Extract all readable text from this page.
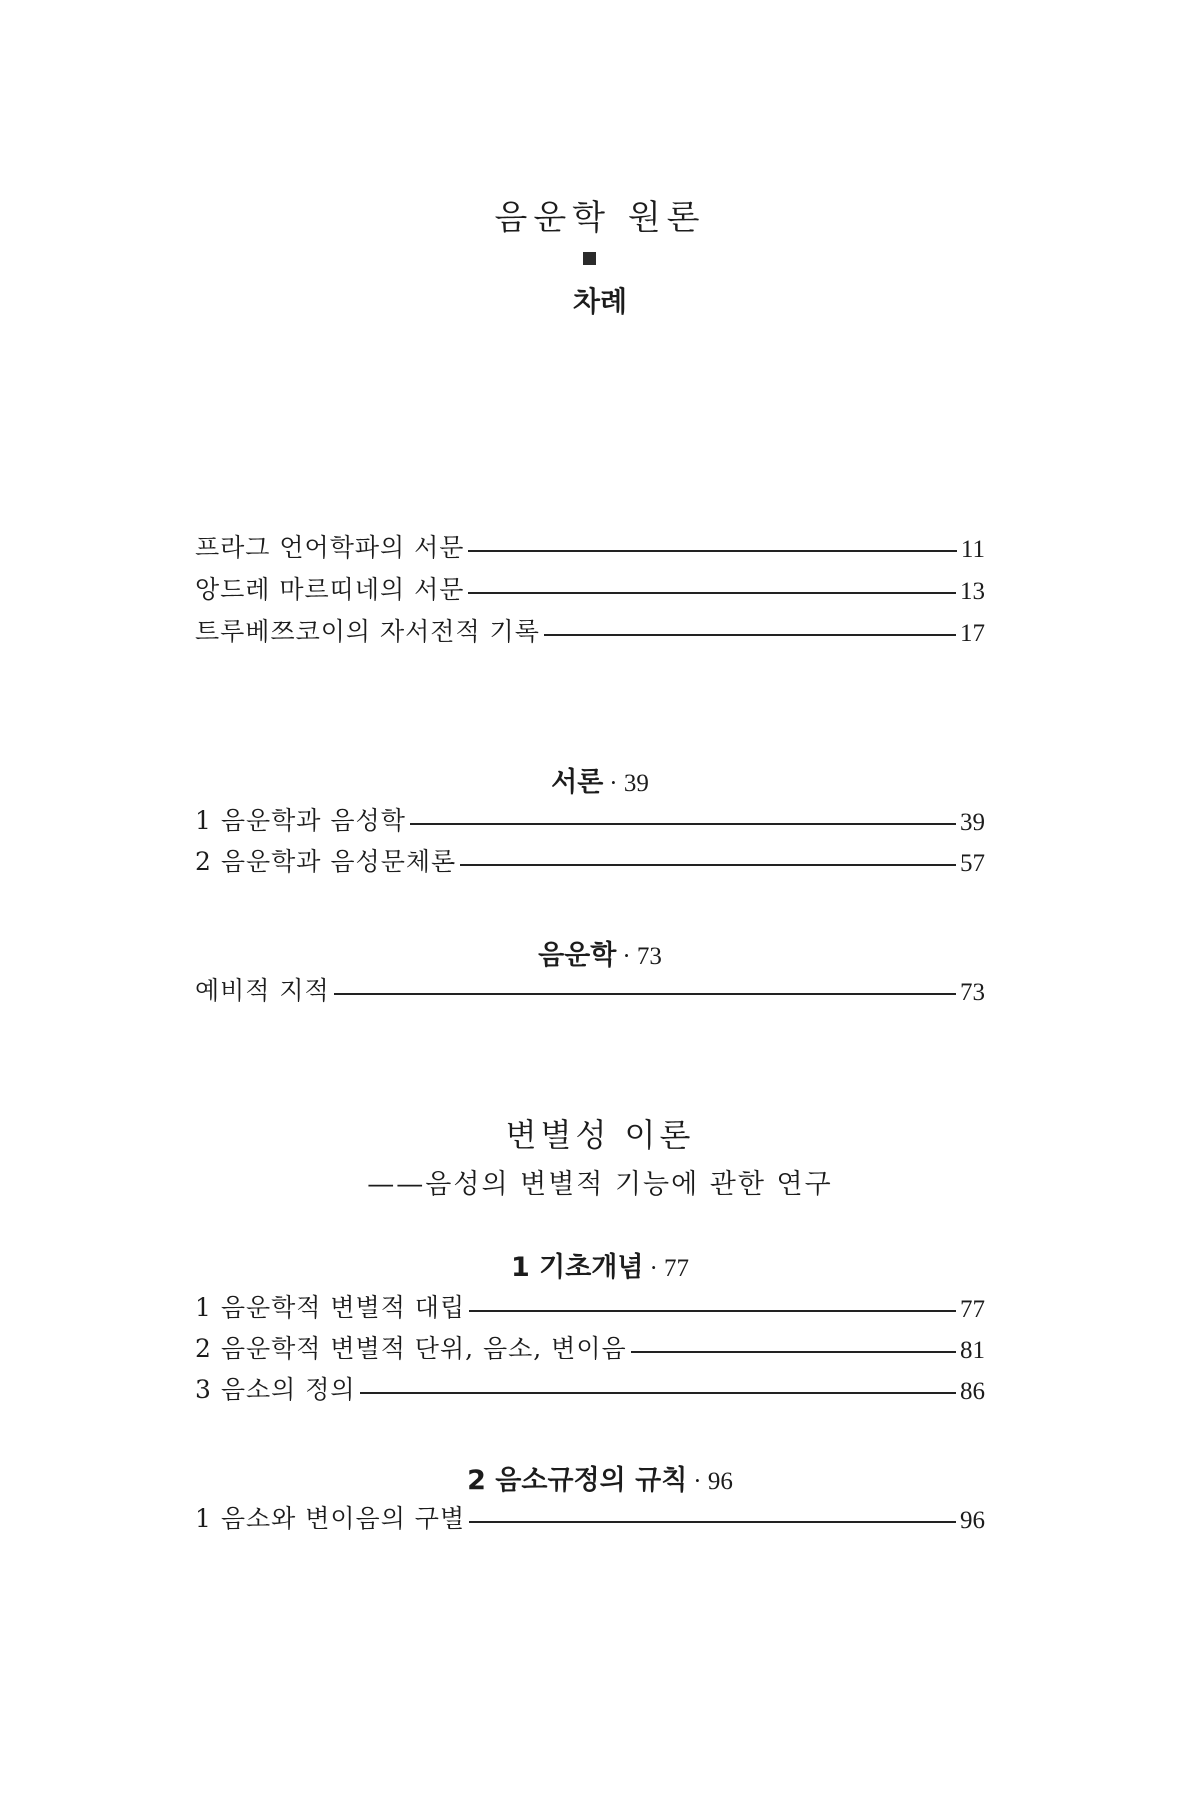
음운학 원론
차례
프라그 언어학파의 서문	11
앙드레 마르띠네의 서문	13
트루베쯔코이의 자서전적 기록	17
서론 · 39
1 음운학과 음성학	39
2 음운학과 음성문체론	57
음운학 · 73
예비적 지적	73
변별성 이론
——음성의 변별적 기능에 관한 연구
1 기초개념 · 77
1 음운학적 변별적 대립	77
2 음운학적 변별적 단위, 음소, 변이음	81
3 음소의 정의	86
2 음소규정의 규칙 · 96
1 음소와 변이음의 구별	96
